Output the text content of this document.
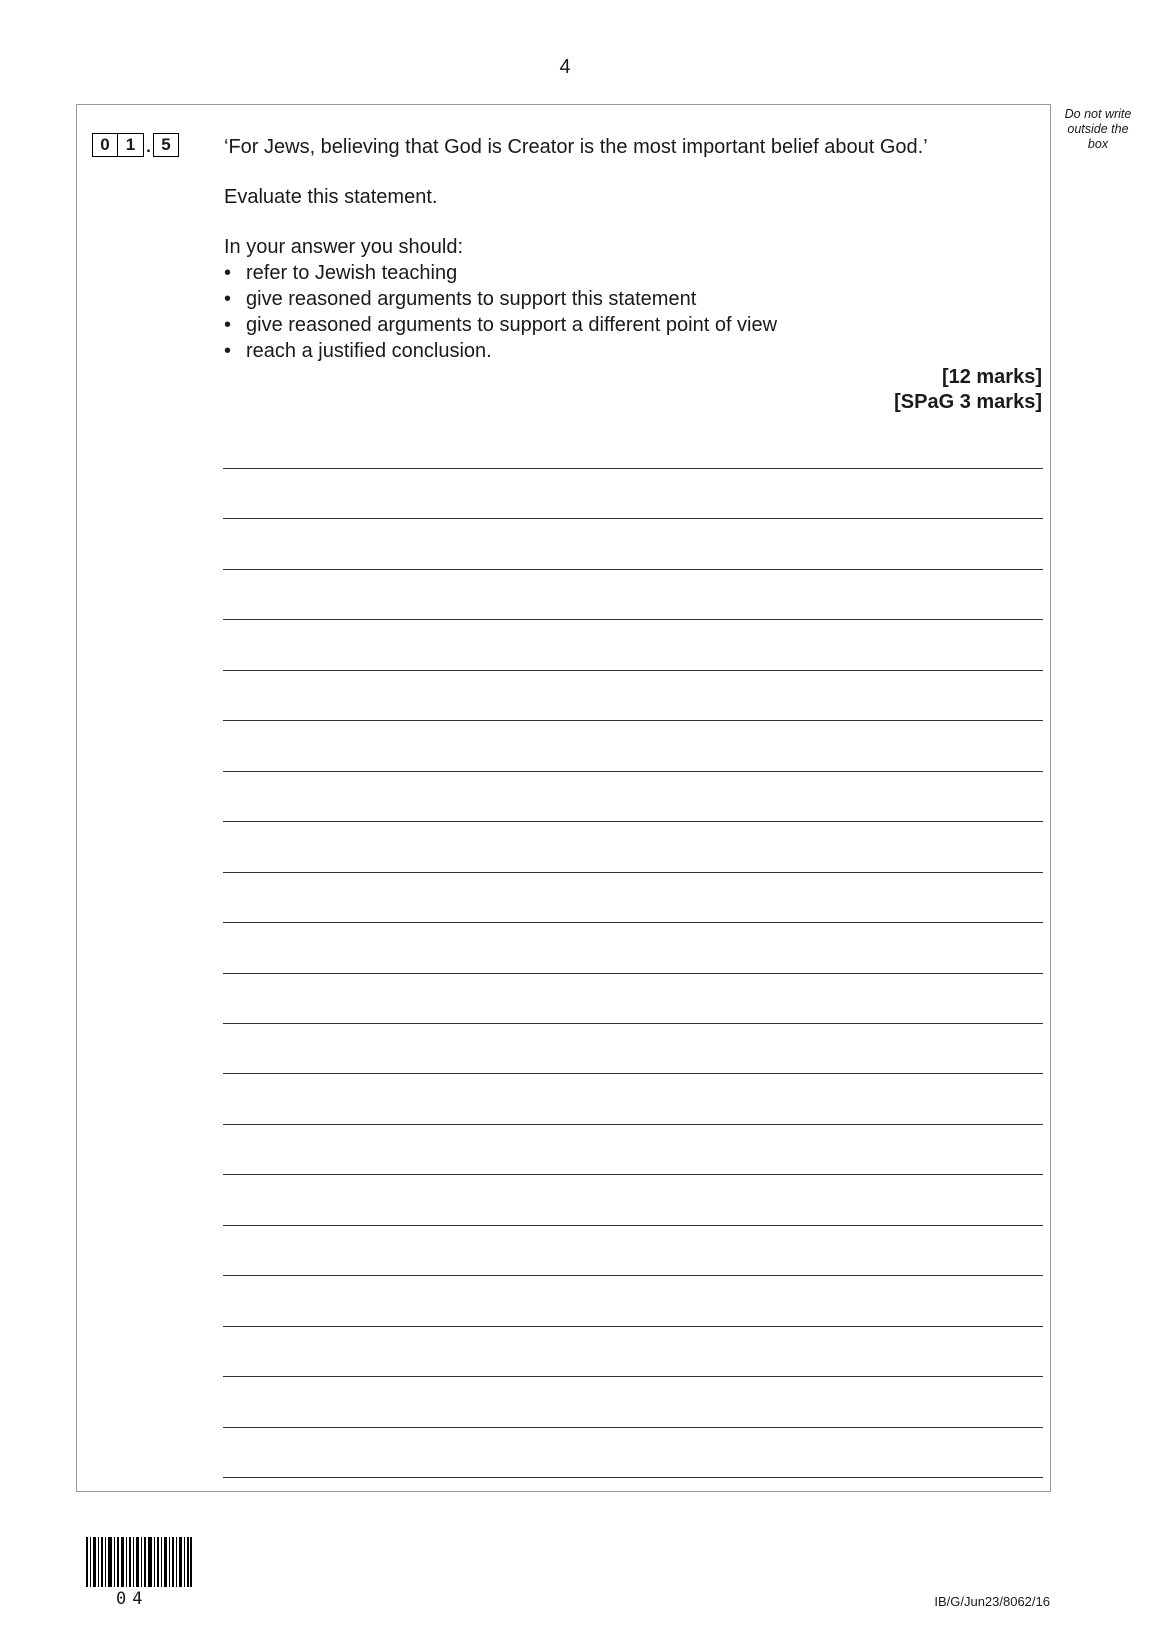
4
Do not write
outside the
box
0 1 . 5	‘For Jews, believing that God is Creator is the most important belief about God.’

Evaluate this statement.

In your answer you should:

• refer to Jewish teaching
• give reasoned arguments to support this statement
• give reasoned arguments to support a different point of view
• reach a justified conclusion.
[12 marks]
[SPaG 3 marks]
04	IB/G/Jun23/8062/16
